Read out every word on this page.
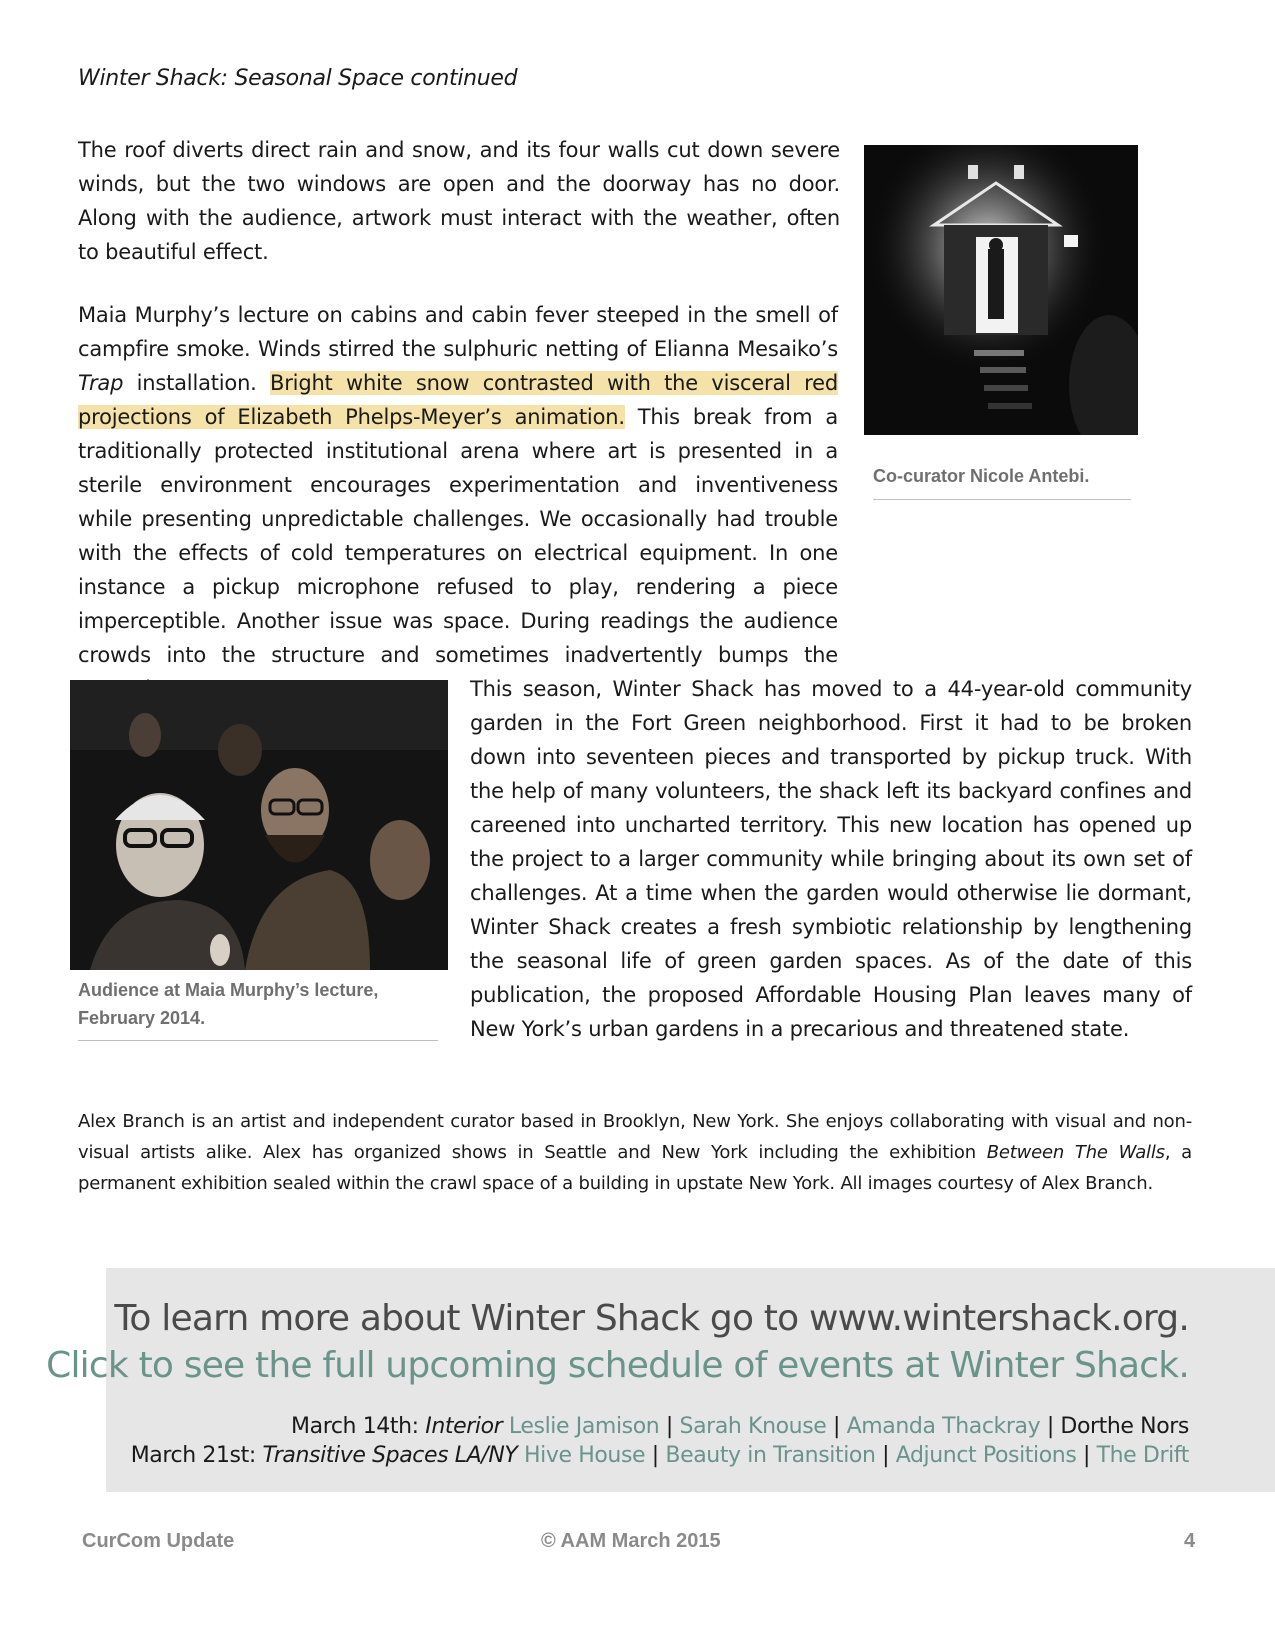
Winter Shack: Seasonal Space continued

The roof diverts direct rain and snow, and its four walls cut down severe winds, but the two windows are open and the doorway has no door. Along with the audience, artwork must interact with the weather, often to beautiful effect.

Maia Murphy’s lecture on cabins and cabin fever steeped in the smell of campfire smoke. Winds stirred the sulphuric netting of Elianna Mesaiko’s Trap installation. Bright white snow contrasted with the visceral red projections of Elizabeth Phelps-Meyer’s animation. This break from a traditionally protected institutional arena where art is presented in a sterile environment encourages experimentation and inventiveness while presenting unpredictable challenges. We occasionally had trouble with the effects of cold temperatures on electrical equipment. In one instance a pickup microphone refused to play, rendering a piece imperceptible. Another issue was space. During readings the audience crowds into the structure and sometimes inadvertently bumps the

Co-curator Nicole Antebi.

This season, Winter Shack has moved to a 44-year-old community garden in the Fort Green neighborhood. First it had to be broken down into seventeen pieces and transported by pickup truck. With the help of many volunteers, the shack left its backyard confines and careened into uncharted territory. This new location has opened up the project to a larger community while bringing about its own set of challenges. At a time when the garden would otherwise lie dormant, Winter Shack creates a fresh symbiotic relationship by lengthening the seasonal life of green garden spaces. As of the date of this publication, the proposed Affordable Housing Plan leaves many of New York’s urban gardens in a precarious and threatened state.

Audience at Maia Murphy’s lecture, February 2014.

Alex Branch is an artist and independent curator based in Brooklyn, New York. She enjoys collaborating with visual and non-visual artists alike. Alex has organized shows in Seattle and New York including the exhibition Between The Walls, a permanent exhibition sealed within the crawl space of a building in upstate New York. All images courtesy of Alex Branch.

To learn more about Winter Shack go to www.wintershack.org.
Click to see the full upcoming schedule of events at Winter Shack.
March 14th: Interior Leslie Jamison | Sarah Knouse | Amanda Thackray | Dorthe Nors
March 21st: Transitive Spaces LA/NY Hive House | Beauty in Transition | Adjunct Positions | The Drift
CurCom Update	© AAM March 2015	4
